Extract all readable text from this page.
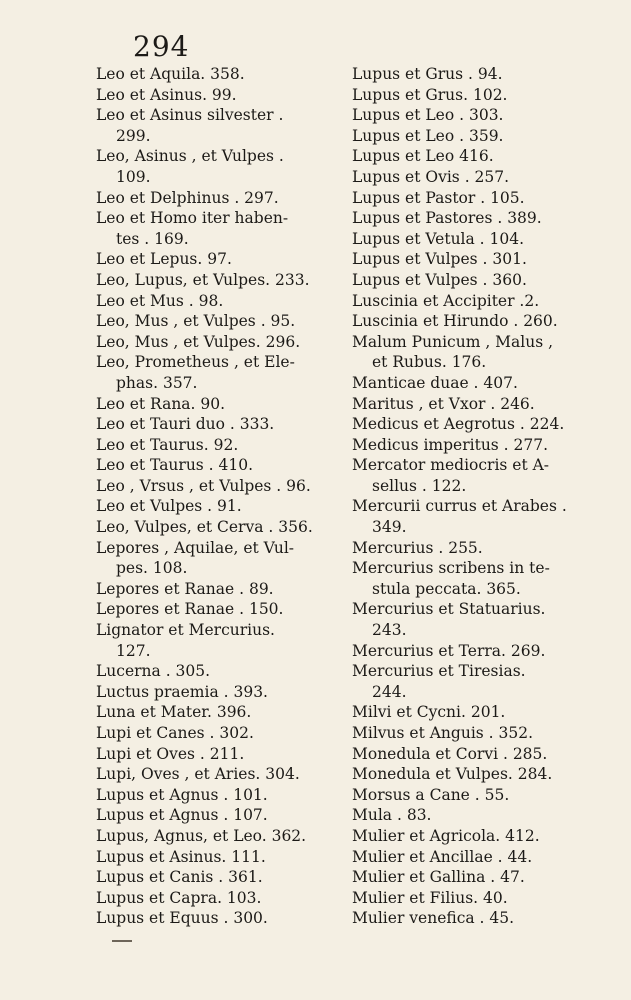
294
Leo et Aquila. 358.
Leo et Asinus. 99.
Leo et Asinus silvester .
299.
Leo, Asinus , et Vulpes .
109.
Leo et Delphinus . 297.
Leo et Homo iter haben-
tes . 169.
Leo et Lepus. 97.
Leo, Lupus, et Vulpes. 233.
Leo et Mus . 98.
Leo, Mus , et Vulpes . 95.
Leo, Mus , et Vulpes. 296.
Leo, Prometheus , et Ele-
phas. 357.
Leo et Rana. 90.
Leo et Tauri duo . 333.
Leo et Taurus. 92.
Leo et Taurus . 410.
Leo , Vrsus , et Vulpes . 96.
Leo et Vulpes . 91.
Leo, Vulpes, et Cerva . 356.
Lepores , Aquilae, et Vul-
pes. 108.
Lepores et Ranae . 89.
Lepores et Ranae . 150.
Lignator et Mercurius.
127.
Lucerna . 305.
Luctus praemia . 393.
Luna et Mater. 396.
Lupi et Canes . 302.
Lupi et Oves . 211.
Lupi, Oves , et Aries. 304.
Lupus et Agnus . 101.
Lupus et Agnus . 107.
Lupus, Agnus, et Leo. 362.
Lupus et Asinus. 111.
Lupus et Canis . 361.
Lupus et Capra. 103.
Lupus et Equus . 300.
Lupus et Grus . 94.
Lupus et Grus. 102.
Lupus et Leo . 303.
Lupus et Leo . 359.
Lupus et Leo 416.
Lupus et Ovis . 257.
Lupus et Pastor . 105.
Lupus et Pastores . 389.
Lupus et Vetula . 104.
Lupus et Vulpes . 301.
Lupus et Vulpes . 360.
Luscinia et Accipiter .2.
Luscinia et Hirundo . 260.
Malum Punicum , Malus ,
et Rubus. 176.
Manticae duae . 407.
Maritus , et Vxor . 246.
Medicus et Aegrotus . 224.
Medicus imperitus . 277.
Mercator mediocris et A-
sellus . 122.
Mercurii currus et Arabes .
349.
Mercurius . 255.
Mercurius scribens in te-
stula peccata. 365.
Mercurius et Statuarius.
243.
Mercurius et Terra. 269.
Mercurius et Tiresias.
244.
Milvi et Cycni. 201.
Milvus et Anguis . 352.
Monedula et Corvi . 285.
Monedula et Vulpes. 284.
Morsus a Cane . 55.
Mula . 83.
Mulier et Agricola. 412.
Mulier et Ancillae . 44.
Mulier et Gallina . 47.
Mulier et Filius. 40.
Mulier venefica . 45.
